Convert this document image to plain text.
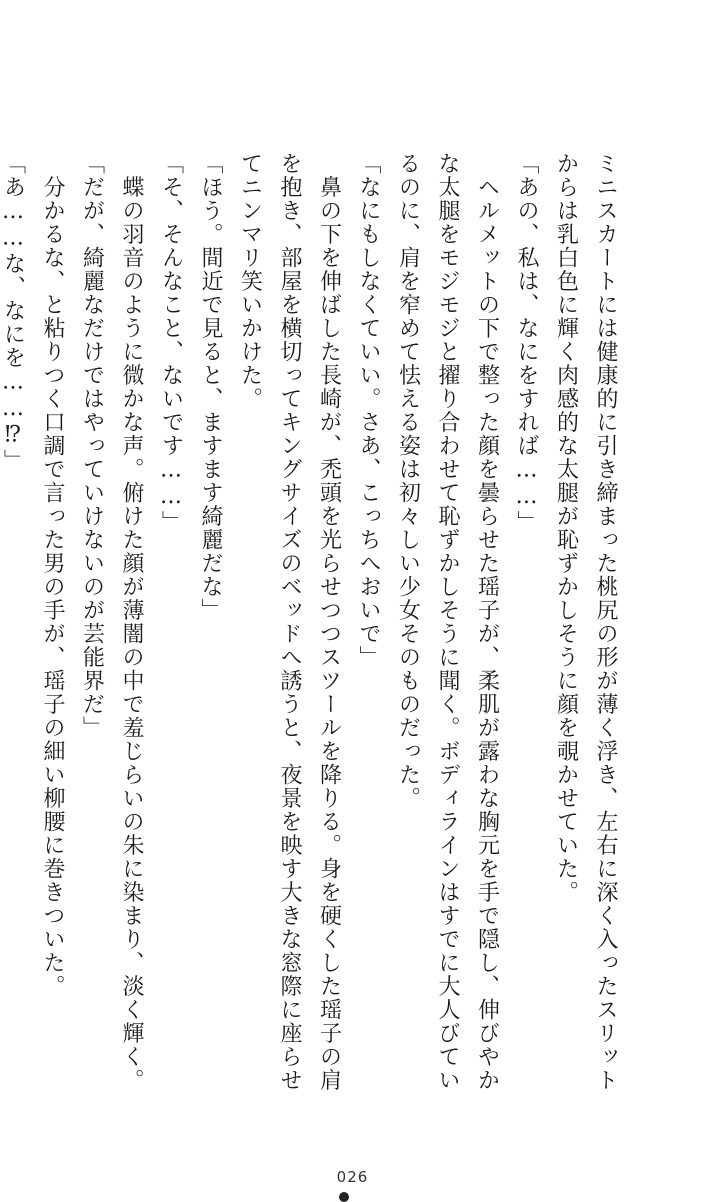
ミニスカートには健康的に引き締まった桃尻の形が薄く浮き、左右に深く入ったスリット

からは乳白色に輝く肉感的な太腿が恥ずかしそうに顔を覗かせていた。

「あの、私は、なにをすれば……」

　ヘルメットの下で整った顔を曇らせた瑶子が、柔肌が露わな胸元を手で隠し、伸びやか

な太腿をモジモジと擢り合わせて恥ずかしそうに聞く。ボディラインはすでに大人びてい

るのに、肩を窄めて怯える姿は初々しい少女そのものだった。

「なにもしなくていい。さあ、こっちへおいで」

　鼻の下を伸ばした長崎が、禿頭を光らせつつスツールを降りる。身を硬くした瑶子の肩

を抱き、部屋を横切ってキングサイズのベッドへ誘うと、夜景を映す大きな窓際に座らせ

てニンマリ笑いかけた。

「ほう。間近で見ると、ますます綺麗だな」

「そ、そんなこと、ないです……」

　蝶の羽音のように微かな声。俯けた顔が薄闇の中で羞じらいの朱に染まり、淡く輝く。

「だが、綺麗なだけではやっていけないのが芸能界だ」

　分かるな、と粘りつく口調で言った男の手が、瑶子の細い柳腰に巻きついた。

「あ……な、なにを……⁉」

026
